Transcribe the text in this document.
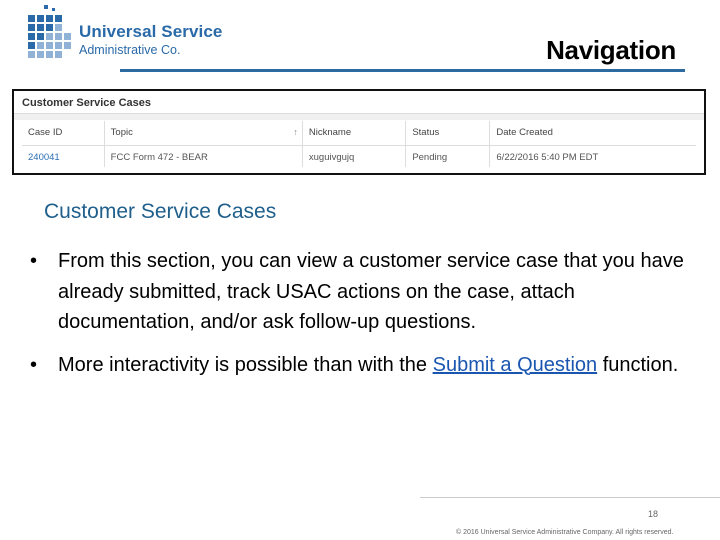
Universal Service
Administrative Co.	Navigation
Customer Service Cases
Case ID	Topic ↑	Nickname	Status	Date Created
240041	FCC Form 472 - BEAR	xuguivgujq	Pending	6/22/2016 5:40 PM EDT
Customer Service Cases
• From this section, you can view a customer service case that you have already submitted, track USAC actions on the case, attach documentation, and/or ask follow-up questions.
• More interactivity is possible than with the Submit a Question function.
18
© 2016 Universal Service Administrative Company. All rights reserved.
